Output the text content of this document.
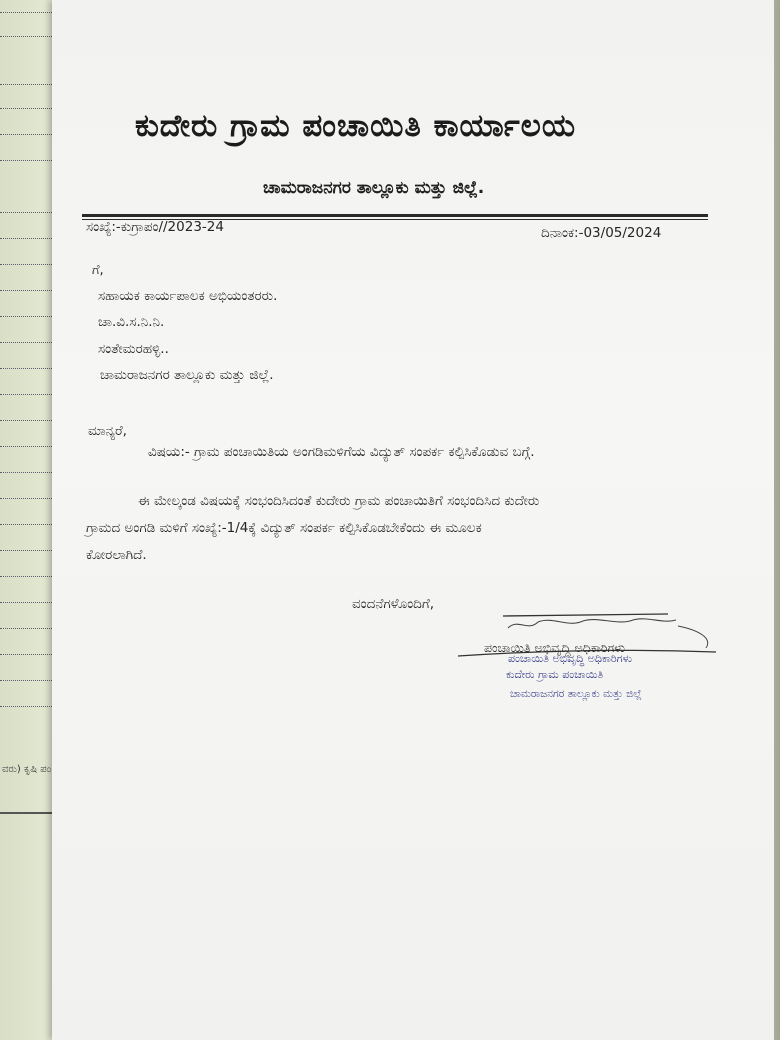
ವರು) ಕೃಷಿ ಪಂ
ಕುದೇರು ಗ್ರಾಮ ಪಂಚಾಯಿತಿ ಕಾರ್ಯಾಲಯ
ಚಾಮರಾಜನಗರ ತಾಲ್ಲೂಕು ಮತ್ತು ಜಿಲ್ಲೆ.
ಸಂಖ್ಯೆ:-ಕುಗ್ರಾಪಂ//2023-24	ದಿನಾಂಕ:-03/05/2024
ಗೆ,
ಸಹಾಯಕ ಕಾರ್ಯಪಾಲಕ ಅಭಿಯಂತರರು.
ಚಾ.ವಿ.ಸ.ನಿ.ನಿ.
ಸಂತೇಮರಹಳ್ಳಿ..
ಚಾಮರಾಜನಗರ ತಾಲ್ಲೂಕು ಮತ್ತು ಜಿಲ್ಲೆ.
ಮಾನ್ಯರೆ,
ವಿಷಯ:- ಗ್ರಾಮ ಪಂಚಾಯಿತಿಯ ಅಂಗಡಿಮಳಿಗೆಯ ವಿದ್ಯುತ್ ಸಂಪರ್ಕ ಕಲ್ಪಿಸಿಕೊಡುವ ಬಗ್ಗೆ.
ಈ ಮೇಲ್ಕಂಡ ವಿಷಯಕ್ಕೆ ಸಂಭಂದಿಸಿದಂತೆ ಕುದೇರು ಗ್ರಾಮ ಪಂಚಾಯಿತಿಗೆ ಸಂಭಂದಿಸಿದ ಕುದೇರು
ಗ್ರಾಮದ ಅಂಗಡಿ ಮಳಿಗೆ ಸಂಖ್ಯೆ:-1/4ಕ್ಕೆ ವಿದ್ಯುತ್ ಸಂಪರ್ಕ ಕಲ್ಪಿಸಿಕೊಡಬೇಕೆಂದು ಈ ಮೂಲಕ
ಕೋರಲಾಗಿದೆ.
ವಂದನೆಗಳೊಂದಿಗೆ,
ಪಂಚಾಯಿತಿ ಅಭಿವೃದ್ಧಿ ಅಧಿಕಾರಿಗಳು
ಪಂಚಾಯಿತಿ ಅಭಿವೃದ್ಧಿ ಅಧಿಕಾರಿಗಳು
ಕುದೇರು ಗ್ರಾಮ ಪಂಚಾಯಿತಿ
ಚಾಮರಾಜನಗರ ತಾಲ್ಲೂಕು ಮತ್ತು ಜಿಲ್ಲೆ
